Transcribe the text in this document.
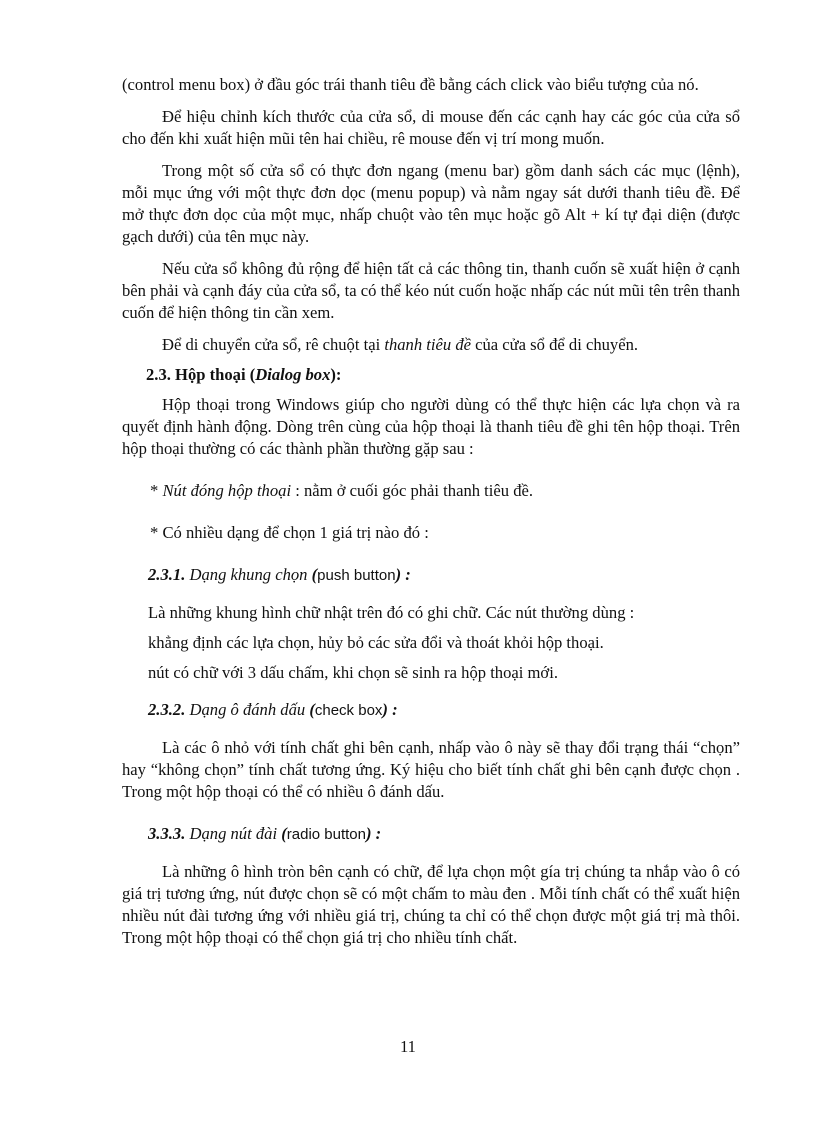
(control menu box) ở đầu góc trái thanh tiêu đề bằng cách click vào biểu tượng của nó.

Để hiệu chỉnh kích thước của cửa sổ, di mouse đến các cạnh hay các góc của cửa sổ cho đến khi xuất hiện mũi tên hai chiều, rê mouse đến vị trí mong muốn.

Trong một số cửa sổ có thực đơn ngang (menu bar) gồm danh sách các mục (lệnh), mỗi mục ứng với một thực đơn dọc (menu popup) và nằm ngay sát dưới thanh tiêu đề. Để mở thực đơn dọc của một mục, nhấp chuột vào tên mục hoặc gõ Alt + kí tự đại diện (được gạch dưới) của tên mục này.

Nếu cửa sổ không đủ rộng để hiện tất cả các thông tin, thanh cuốn sẽ xuất hiện ở cạnh bên phải và cạnh đáy của cửa sổ, ta có thể kéo nút cuốn hoặc nhấp các nút mũi tên trên thanh cuốn để hiện thông tin cần xem.

Để di chuyển cửa sổ, rê chuột tại thanh tiêu đề của cửa sổ để di chuyển.

2.3. Hộp thoại (Dialog box):

Hộp thoại trong Windows giúp cho người dùng có thể thực hiện các lựa chọn và ra quyết định hành động. Dòng trên cùng của hộp thoại là thanh tiêu đề ghi tên hộp thoại. Trên hộp thoại thường có các thành phần thường gặp sau :

* Nút đóng hộp thoại : nằm ở cuối góc phải thanh tiêu đề.

* Có nhiều dạng để chọn 1 giá trị nào đó :

2.3.1. Dạng khung chọn (push button) :

Là những khung hình chữ nhật trên đó có ghi chữ. Các nút thường dùng :

khẳng định các lựa chọn, hủy bỏ các sửa đổi và thoát khỏi hộp thoại.

nút có chữ với 3 dấu chấm, khi chọn sẽ sinh ra hộp thoại mới.

2.3.2. Dạng ô đánh dấu (check box) :

Là các ô nhỏ với tính chất ghi bên cạnh, nhấp vào ô này sẽ thay đổi trạng thái “chọn” hay “không chọn” tính chất tương ứng. Ký hiệu cho biết tính chất ghi bên cạnh được chọn . Trong một hộp thoại có thể có nhiều ô đánh dấu.

3.3.3. Dạng nút đài (radio button) :

Là những ô hình tròn bên cạnh có chữ, để lựa chọn một gía trị chúng ta nhắp vào ô có giá trị tương ứng, nút được chọn sẽ có một chấm to màu đen . Mỗi tính chất có thể xuất hiện nhiều nút đài tương ứng với nhiều giá trị, chúng ta chỉ có thể chọn được một giá trị mà thôi. Trong một hộp thoại có thể chọn giá trị cho nhiều tính chất.

11
